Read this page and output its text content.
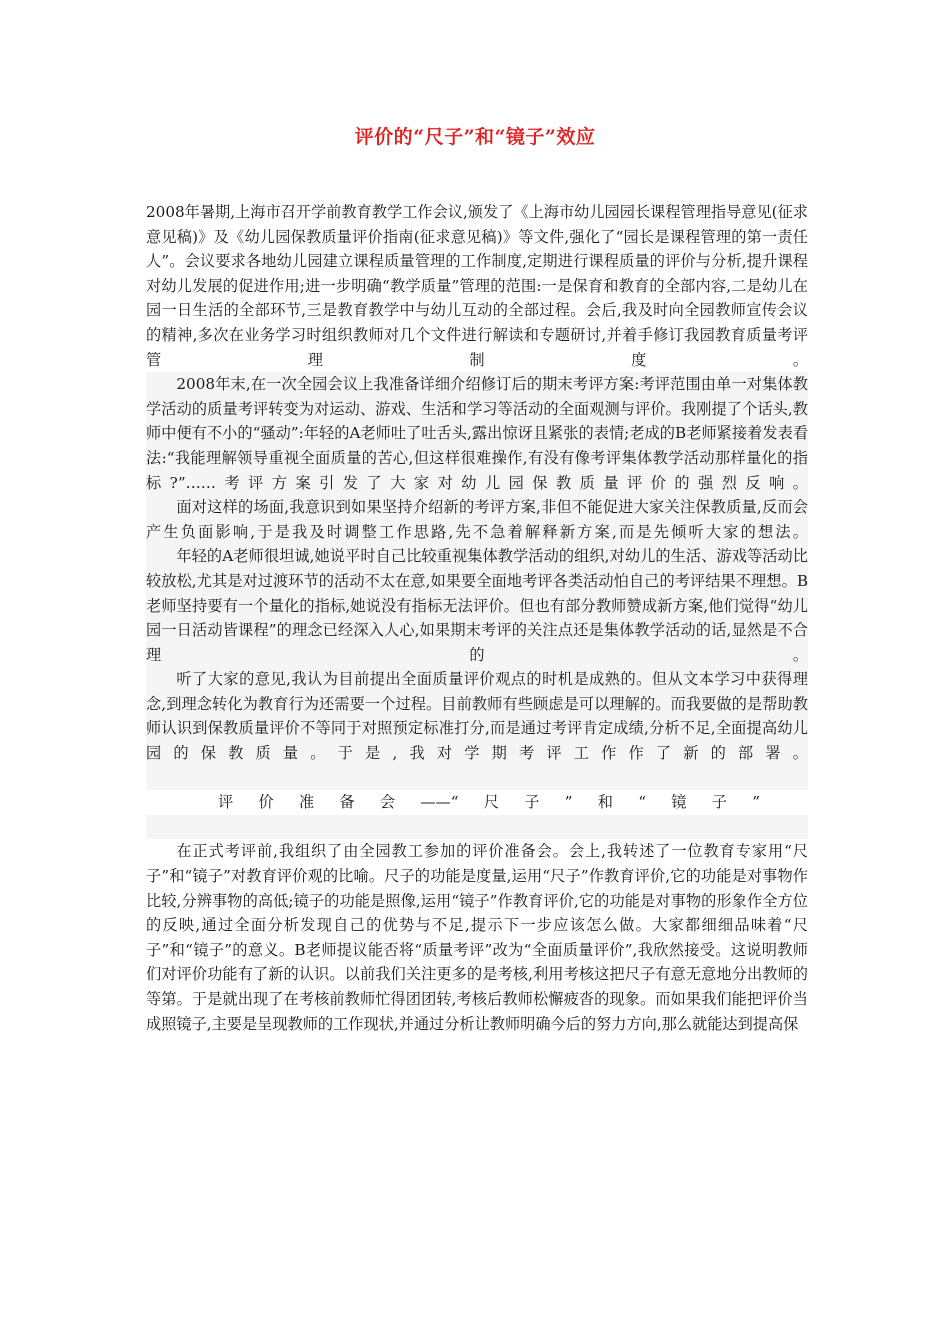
评价的“尺子”和“镜子”效应

2008年暑期,上海市召开学前教育教学工作会议,颁发了《上海市幼儿园园长课程管理指导意见(征求意见稿)》及《幼儿园保教质量评价指南(征求意见稿)》等文件,强化了“园长是课程管理的第一责任人”。会议要求各地幼儿园建立课程质量管理的工作制度,定期进行课程质量的评价与分析,提升课程对幼儿发展的促进作用;进一步明确“教学质量”管理的范围:一是保育和教育的全部内容,二是幼儿在园一日生活的全部环节,三是教育教学中与幼儿互动的全部过程。会后,我及时向全园教师宣传会议的精神,多次在业务学习时组织教师对几个文件进行解读和专题研讨,并着手修订我园教育质量考评管理制度。

2008年末,在一次全园会议上我准备详细介绍修订后的期末考评方案:考评范围由单一对集体教学活动的质量考评转变为对运动、游戏、生活和学习等活动的全面观测与评价。我刚提了个话头,教师中便有不小的“骚动”:年轻的A老师吐了吐舌头,露出惊讶且紧张的表情;老成的B老师紧接着发表看法:“我能理解领导重视全面质量的苦心,但这样很难操作,有没有像考评集体教学活动那样量化的指标?”……考评方案引发了大家对幼儿园保教质量评价的强烈反响。

面对这样的场面,我意识到如果坚持介绍新的考评方案,非但不能促进大家关注保教质量,反而会产生负面影响,于是我及时调整工作思路,先不急着解释新方案,而是先倾听大家的想法。

年轻的A老师很坦诚,她说平时自己比较重视集体教学活动的组织,对幼儿的生活、游戏等活动比较放松,尤其是对过渡环节的活动不太在意,如果要全面地考评各类活动怕自己的考评结果不理想。B老师坚持要有一个量化的指标,她说没有指标无法评价。但也有部分教师赞成新方案,他们觉得“幼儿园一日活动皆课程”的理念已经深入人心,如果期末考评的关注点还是集体教学活动的话,显然是不合理的。

听了大家的意见,我认为目前提出全面质量评价观点的时机是成熟的。但从文本学习中获得理念,到理念转化为教育行为还需要一个过程。目前教师有些顾虑是可以理解的。而我要做的是帮助教师认识到保教质量评价不等同于对照预定标准打分,而是通过考评肯定成绩,分析不足,全面提高幼儿园的保教质量。于是,我对学期考评工作作了新的部署。

评价准备会——“尺子”和“镜子”

在正式考评前,我组织了由全园教工参加的评价准备会。会上,我转述了一位教育专家用“尺子”和“镜子”对教育评价观的比喻。尺子的功能是度量,运用“尺子”作教育评价,它的功能是对事物作比较,分辨事物的高低;镜子的功能是照像,运用“镜子”作教育评价,它的功能是对事物的形象作全方位的反映,通过全面分析发现自己的优势与不足,提示下一步应该怎么做。大家都细细品味着“尺子”和“镜子”的意义。B老师提议能否将“质量考评”改为“全面质量评价”,我欣然接受。这说明教师们对评价功能有了新的认识。以前我们关注更多的是考核,利用考核这把尺子有意无意地分出教师的等第。于是就出现了在考核前教师忙得团团转,考核后教师松懈疲沓的现象。而如果我们能把评价当成照镜子,主要是呈现教师的工作现状,并通过分析让教师明确今后的努力方向,那么就能达到提高保
